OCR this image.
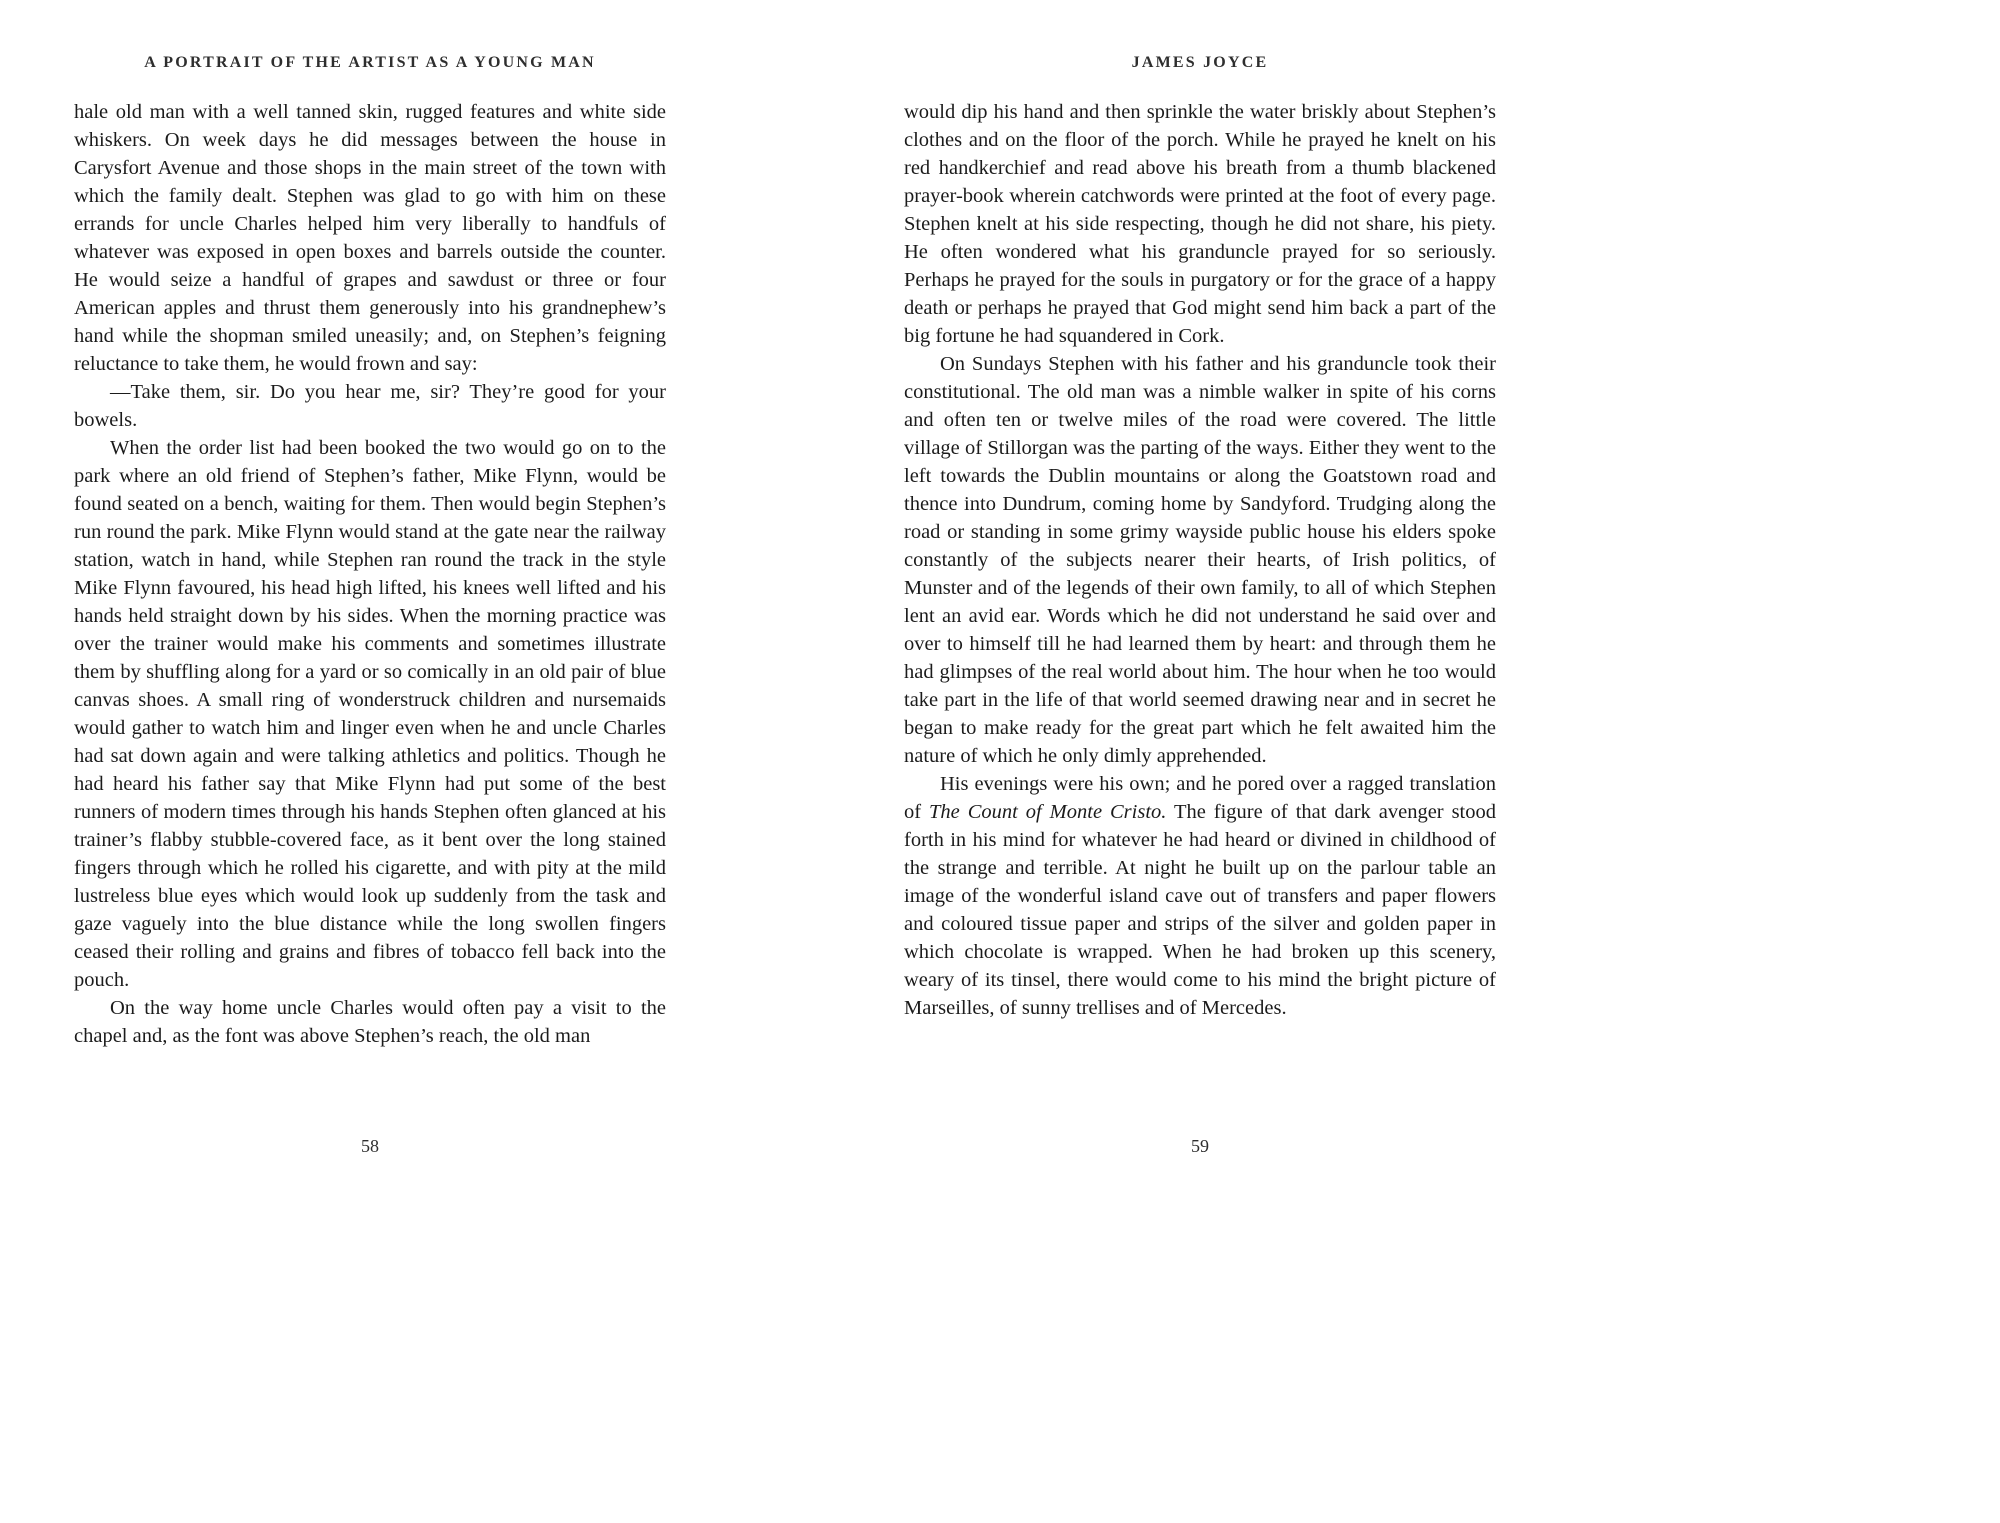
A PORTRAIT OF THE ARTIST AS A YOUNG MAN

hale old man with a well tanned skin, rugged features and white side whiskers. On week days he did messages between the house in Carysfort Avenue and those shops in the main street of the town with which the family dealt. Stephen was glad to go with him on these errands for uncle Charles helped him very liberally to handfuls of whatever was exposed in open boxes and barrels outside the counter. He would seize a handful of grapes and sawdust or three or four American apples and thrust them generously into his grandnephew’s hand while the shopman smiled uneasily; and, on Stephen’s feigning reluctance to take them, he would frown and say:

—Take them, sir. Do you hear me, sir? They’re good for your bowels.

When the order list had been booked the two would go on to the park where an old friend of Stephen’s father, Mike Flynn, would be found seated on a bench, waiting for them. Then would begin Stephen’s run round the park. Mike Flynn would stand at the gate near the railway station, watch in hand, while Stephen ran round the track in the style Mike Flynn favoured, his head high lifted, his knees well lifted and his hands held straight down by his sides. When the morning practice was over the trainer would make his comments and sometimes illustrate them by shuffling along for a yard or so comically in an old pair of blue canvas shoes. A small ring of wonderstruck children and nursemaids would gather to watch him and linger even when he and uncle Charles had sat down again and were talking athletics and politics. Though he had heard his father say that Mike Flynn had put some of the best runners of modern times through his hands Stephen often glanced at his trainer’s flabby stubble-covered face, as it bent over the long stained fingers through which he rolled his cigarette, and with pity at the mild lustreless blue eyes which would look up suddenly from the task and gaze vaguely into the blue distance while the long swollen fingers ceased their rolling and grains and fibres of tobacco fell back into the pouch.

On the way home uncle Charles would often pay a visit to the chapel and, as the font was above Stephen’s reach, the old man

58
JAMES JOYCE

would dip his hand and then sprinkle the water briskly about Stephen’s clothes and on the floor of the porch. While he prayed he knelt on his red handkerchief and read above his breath from a thumb blackened prayer-book wherein catchwords were printed at the foot of every page. Stephen knelt at his side respecting, though he did not share, his piety. He often wondered what his granduncle prayed for so seriously. Perhaps he prayed for the souls in purgatory or for the grace of a happy death or perhaps he prayed that God might send him back a part of the big fortune he had squandered in Cork.

On Sundays Stephen with his father and his granduncle took their constitutional. The old man was a nimble walker in spite of his corns and often ten or twelve miles of the road were covered. The little village of Stillorgan was the parting of the ways. Either they went to the left towards the Dublin mountains or along the Goatstown road and thence into Dundrum, coming home by Sandyford. Trudging along the road or standing in some grimy wayside public house his elders spoke constantly of the subjects nearer their hearts, of Irish politics, of Munster and of the legends of their own family, to all of which Stephen lent an avid ear. Words which he did not understand he said over and over to himself till he had learned them by heart: and through them he had glimpses of the real world about him. The hour when he too would take part in the life of that world seemed drawing near and in secret he began to make ready for the great part which he felt awaited him the nature of which he only dimly apprehended.

His evenings were his own; and he pored over a ragged translation of The Count of Monte Cristo. The figure of that dark avenger stood forth in his mind for whatever he had heard or divined in childhood of the strange and terrible. At night he built up on the parlour table an image of the wonderful island cave out of transfers and paper flowers and coloured tissue paper and strips of the silver and golden paper in which chocolate is wrapped. When he had broken up this scenery, weary of its tinsel, there would come to his mind the bright picture of Marseilles, of sunny trellises and of Mercedes.

59
